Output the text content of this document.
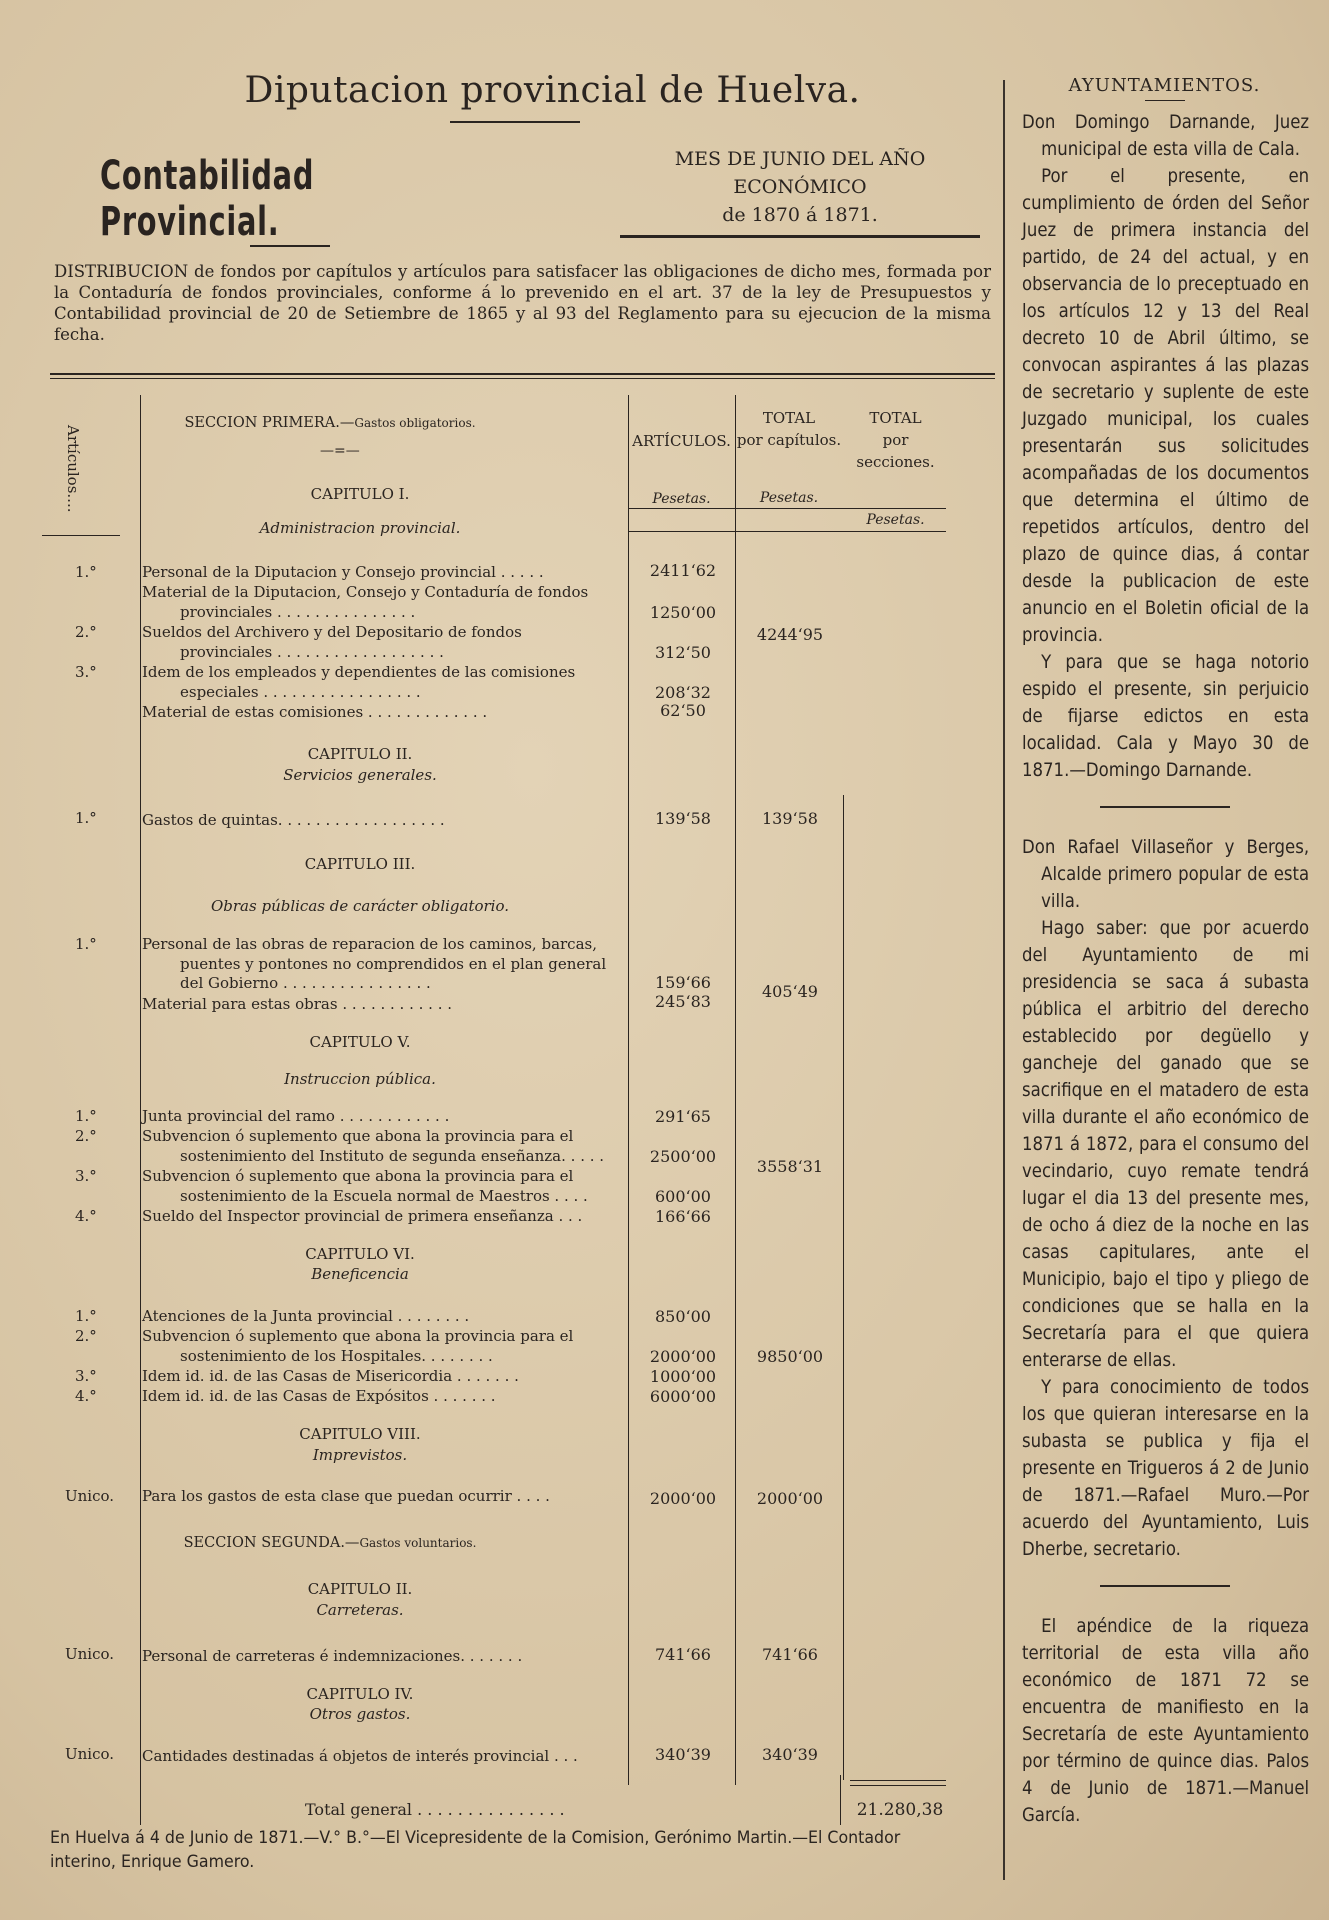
Diputacion provincial de Huelva.
Contabilidad Provincial.
MES DE JUNIO DEL AÑO ECONÓMICO
de 1870 á 1871.
DISTRIBUCION de fondos por capítulos y artículos para satisfacer las obligaciones de dicho mes, formada por la Contaduría de fondos provinciales, conforme á lo prevenido en el art. 37 de la ley de Presupuestos y Contabilidad provincial de 20 de Setiembre de 1865 y al 93 del Reglamento para su ejecucion de la misma fecha.
Artículos....
SECCION PRIMERA.—Gastos obligatorios.
—=—
ARTÍCULOS.
Pesetas.
TOTAL
por capítulos.
Pesetas.
TOTAL
por secciones.
Pesetas.
CAPITULO I.
Administracion provincial.
1.°	Personal de la Diputacion y Consejo provincial . . . . .	2411‘62
Material de la Diputacion, Consejo y Contaduría de fondos provinciales . . . . . . . . . . . . . . .	1250‘00
2.°	Sueldos del Archivero y del Depositario de fondos provinciales . . . . . . . . . . . . . . . . . .	312‘50
4244‘95
3.°	Idem de los empleados y dependientes de las comisiones especiales . . . . . . . . . . . . . . . . .	208‘32
Material de estas comisiones . . . . . . . . . . . . .	62‘50
CAPITULO II.
Servicios generales.
1.°	Gastos de quintas. . . . . . . . . . . . . . . . . .	139‘58	139‘58
CAPITULO III.
Obras públicas de carácter obligatorio.
1.°	Personal de las obras de reparacion de los caminos, barcas, puentes y pontones no comprendidos en el plan general del Gobierno . . . . . . . . . . . . . . . .	159‘66
Material para estas obras . . . . . . . . . . . .	245‘83
405‘49
CAPITULO V.
Instruccion pública.
1.°	Junta provincial del ramo . . . . . . . . . . . .	291‘65
2.°	Subvencion ó suplemento que abona la provincia para el sostenimiento del Instituto de segunda enseñanza. . . . .	2500‘00
3558‘31
3.°	Subvencion ó suplemento que abona la provincia para el sostenimiento de la Escuela normal de Maestros . . . .	600‘00
4.°	Sueldo del Inspector provincial de primera enseñanza . . .	166‘66
CAPITULO VI.
Beneficencia
1.°	Atenciones de la Junta provincial . . . . . . . .	850‘00
2.°	Subvencion ó suplemento que abona la provincia para el sostenimiento de los Hospitales. . . . . . . .	2000‘00	9850‘00
3.°	Idem id. id. de las Casas de Misericordia . . . . . . .	1000‘00
4.°	Idem id. id. de las Casas de Expósitos . . . . . . .	6000‘00
CAPITULO VIII.
Imprevistos.
Unico. Para los gastos de esta clase que puedan ocurrir . . . .	2000‘00	2000‘00
SECCION SEGUNDA.—Gastos voluntarios.
CAPITULO II.
Carreteras.
Unico. Personal de carreteras é indemnizaciones. . . . . . .	741‘66	741‘66
CAPITULO IV.
Otros gastos.
Unico. Cantidades destinadas á objetos de interés provincial . . .	340‘39	340‘39
Total general . . . . . . . . . . . . . . .	21.280,38
En Huelva á 4 de Junio de 1871.—V.° B.°—El Vicepresidente de la Comision, Gerónimo Martin.—El Contador interino, Enrique Gamero.
AYUNTAMIENTOS.

Don Domingo Darnande, Juez municipal de esta villa de Cala.

Por el presente, en cumplimiento de órden del Señor Juez de primera instancia del partido, de 24 del actual, y en observancia de lo preceptuado en los artículos 12 y 13 del Real decreto 10 de Abril último, se convocan aspirantes á las plazas de secretario y suplente de este Juzgado municipal, los cuales presentarán sus solicitudes acompañadas de los documentos que determina el último de repetidos artículos, dentro del plazo de quince dias, á contar desde la publicacion de este anuncio en el Boletin oficial de la provincia.

Y para que se haga notorio espido el presente, sin perjuicio de fijarse edictos en esta localidad. Cala y Mayo 30 de 1871.—Domingo Darnande.

Don Rafael Villaseñor y Berges, Alcalde primero popular de esta villa.

Hago saber: que por acuerdo del Ayuntamiento de mi presidencia se saca á subasta pública el arbitrio del derecho establecido por degüello y gancheje del ganado que se sacrifique en el matadero de esta villa durante el año económico de 1871 á 1872, para el consumo del vecindario, cuyo remate tendrá lugar el dia 13 del presente mes, de ocho á diez de la noche en las casas capitulares, ante el Municipio, bajo el tipo y pliego de condiciones que se halla en la Secretaría para el que quiera enterarse de ellas.

Y para conocimiento de todos los que quieran interesarse en la subasta se publica y fija el presente en Trigueros á 2 de Junio de 1871.—Rafael Muro.—Por acuerdo del Ayuntamiento, Luis Dherbe, secretario.

El apéndice de la riqueza territorial de esta villa año económico de 1871 72 se encuentra de manifiesto en la Secretaría de este Ayuntamiento por término de quince dias. Palos 4 de Junio de 1871.—Manuel García.
